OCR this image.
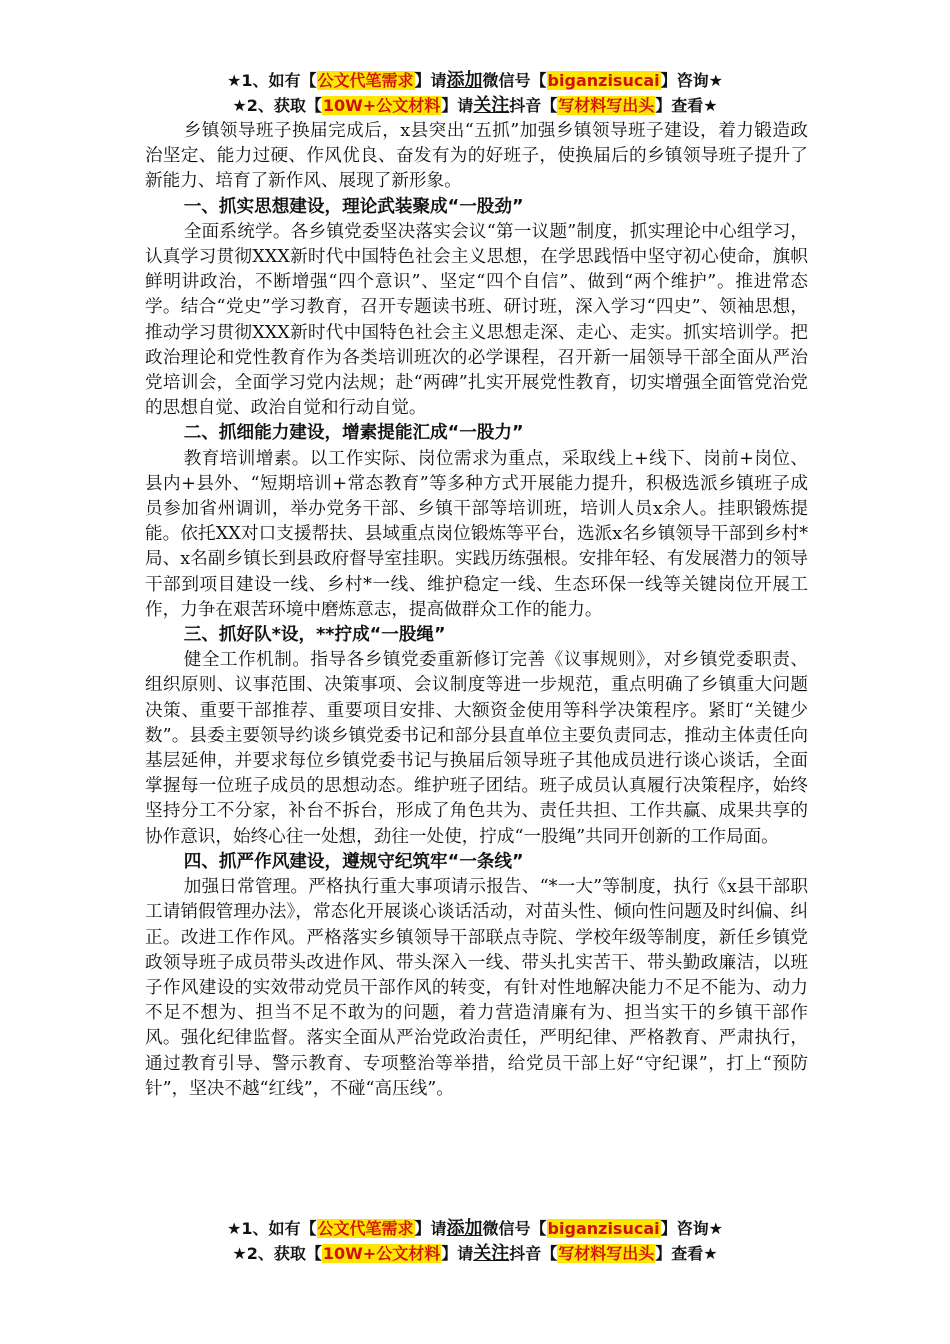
★1、如有【公文代笔需求】请添加微信号【biganzisucai】咨询★
★2、获取【10W+公文材料】请关注抖音【写材料写出头】查看★

乡镇领导班子换届完成后，x县突出“五抓”加强乡镇领导班子建设，着力锻造政治坚定、能力过硬、作风优良、奋发有为的好班子，使换届后的乡镇领导班子提升了新能力、培育了新作风、展现了新形象。

一、抓实思想建设，理论武装聚成“一股劲”

全面系统学。各乡镇党委坚决落实会议“第一议题”制度，抓实理论中心组学习，认真学习贯彻XXX新时代中国特色社会主义思想，在学思践悟中坚守初心使命，旗帜鲜明讲政治，不断增强“四个意识”、坚定“四个自信”、做到“两个维护”。推进常态学。结合“党史”学习教育，召开专题读书班、研讨班，深入学习“四史”、领袖思想，推动学习贯彻XXX新时代中国特色社会主义思想走深、走心、走实。抓实培训学。把政治理论和党性教育作为各类培训班次的必学课程，召开新一届领导干部全面从严治党培训会，全面学习党内法规；赴“两碑”扎实开展党性教育，切实增强全面管党治党的思想自觉、政治自觉和行动自觉。

二、抓细能力建设，增素提能汇成“一股力”

教育培训增素。以工作实际、岗位需求为重点，采取线上+线下、岗前+岗位、县内+县外、“短期培训+常态教育”等多种方式开展能力提升，积极选派乡镇班子成员参加省州调训，举办党务干部、乡镇干部等培训班，培训人员x余人。挂职锻炼提能。依托XX对口支援帮扶、县域重点岗位锻炼等平台，选派x名乡镇领导干部到乡村*局、x名副乡镇长到县政府督导室挂职。实践历练强根。安排年轻、有发展潜力的领导干部到项目建设一线、乡村*一线、维护稳定一线、生态环保一线等关键岗位开展工作，力争在艰苦环境中磨炼意志，提高做群众工作的能力。

三、抓好队*设，**拧成“一股绳”

健全工作机制。指导各乡镇党委重新修订完善《议事规则》，对乡镇党委职责、组织原则、议事范围、决策事项、会议制度等进一步规范，重点明确了乡镇重大问题决策、重要干部推荐、重要项目安排、大额资金使用等科学决策程序。紧盯“关键少数”。县委主要领导约谈乡镇党委书记和部分县直单位主要负责同志，推动主体责任向基层延伸，并要求每位乡镇党委书记与换届后领导班子其他成员进行谈心谈话，全面掌握每一位班子成员的思想动态。维护班子团结。班子成员认真履行决策程序，始终坚持分工不分家，补台不拆台，形成了角色共为、责任共担、工作共赢、成果共享的协作意识，始终心往一处想，劲往一处使，拧成“一股绳”共同开创新的工作局面。

四、抓严作风建设，遵规守纪筑牢“一条线”

加强日常管理。严格执行重大事项请示报告、“*一大”等制度，执行《x县干部职工请销假管理办法》，常态化开展谈心谈话活动，对苗头性、倾向性问题及时纠偏、纠正。改进工作作风。严格落实乡镇领导干部联点寺院、学校年级等制度，新任乡镇党政领导班子成员带头改进作风、带头深入一线、带头扎实苦干、带头勤政廉洁，以班子作风建设的实效带动党员干部作风的转变，有针对性地解决能力不足不能为、动力不足不想为、担当不足不敢为的问题，着力营造清廉有为、担当实干的乡镇干部作风。强化纪律监督。落实全面从严治党政治责任，严明纪律、严格教育、严肃执行，通过教育引导、警示教育、专项整治等举措，给党员干部上好“守纪课”，打上“预防针”，坚决不越“红线”，不碰“高压线”。

★1、如有【公文代笔需求】请添加微信号【biganzisucai】咨询★
★2、获取【10W+公文材料】请关注抖音【写材料写出头】查看★
